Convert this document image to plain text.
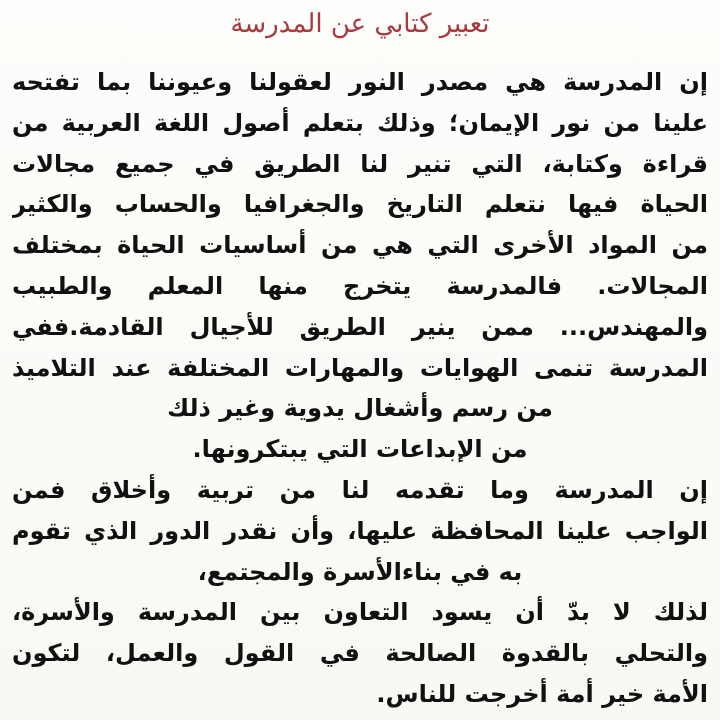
تعبير كتابي عن المدرسة
إن المدرسة هي مصدر النور لعقولنا وعيوننا بما تفتحه
علينا من نور الإيمان؛ وذلك بتعلم أصول اللغة العربية من
قراءة وكتابة، التي تنير لنا الطريق في جميع مجالات
الحياة فيها نتعلم التاريخ والجغرافيا والحساب والكثير
من المواد الأخرى التي هي من أساسيات الحياة بمختلف
المجالات. فالمدرسة يتخرج منها المعلم والطبيب
والمهندس... ممن ينير الطريق للأجيال القادمة.ففي
المدرسة تنمى الهوايات والمهارات المختلفة عند التلاميذ
من رسم وأشغال يدوية وغير ذلك
من الإبداعات التي يبتكرونها.
إن المدرسة وما تقدمه لنا من تربية وأخلاق فمن
الواجب علينا المحافظة عليها، وأن نقدر الدور الذي تقوم
به في بناءالأسرة والمجتمع،
لذلك لا بدّ أن يسود التعاون بين المدرسة والأسرة،
والتحلي بالقدوة الصالحة في القول والعمل، لتكون
الأمة خير أمة أخرجت للناس.
